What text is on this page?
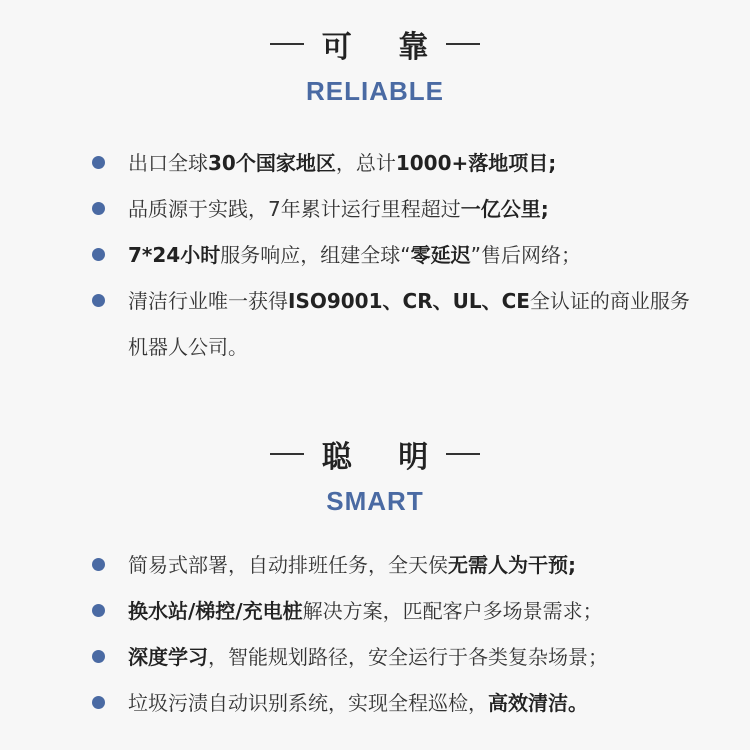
可 靠
RELIABLE
出口全球30个国家地区，总计1000+落地项目;
品质源于实践，7年累计运行里程超过一亿公里;
7*24小时服务响应，组建全球“零延迟”售后网络；
清洁行业唯一获得ISO9001、CR、UL、CE全认证的商业服务机器人公司。
聪 明
SMART
简易式部署，自动排班任务，全天侯无需人为干预;
换水站/梯控/充电桩解决方案，匹配客户多场景需求；
深度学习，智能规划路径，安全运行于各类复杂场景；
垃圾污渍自动识别系统，实现全程巡检，高效清洁。
